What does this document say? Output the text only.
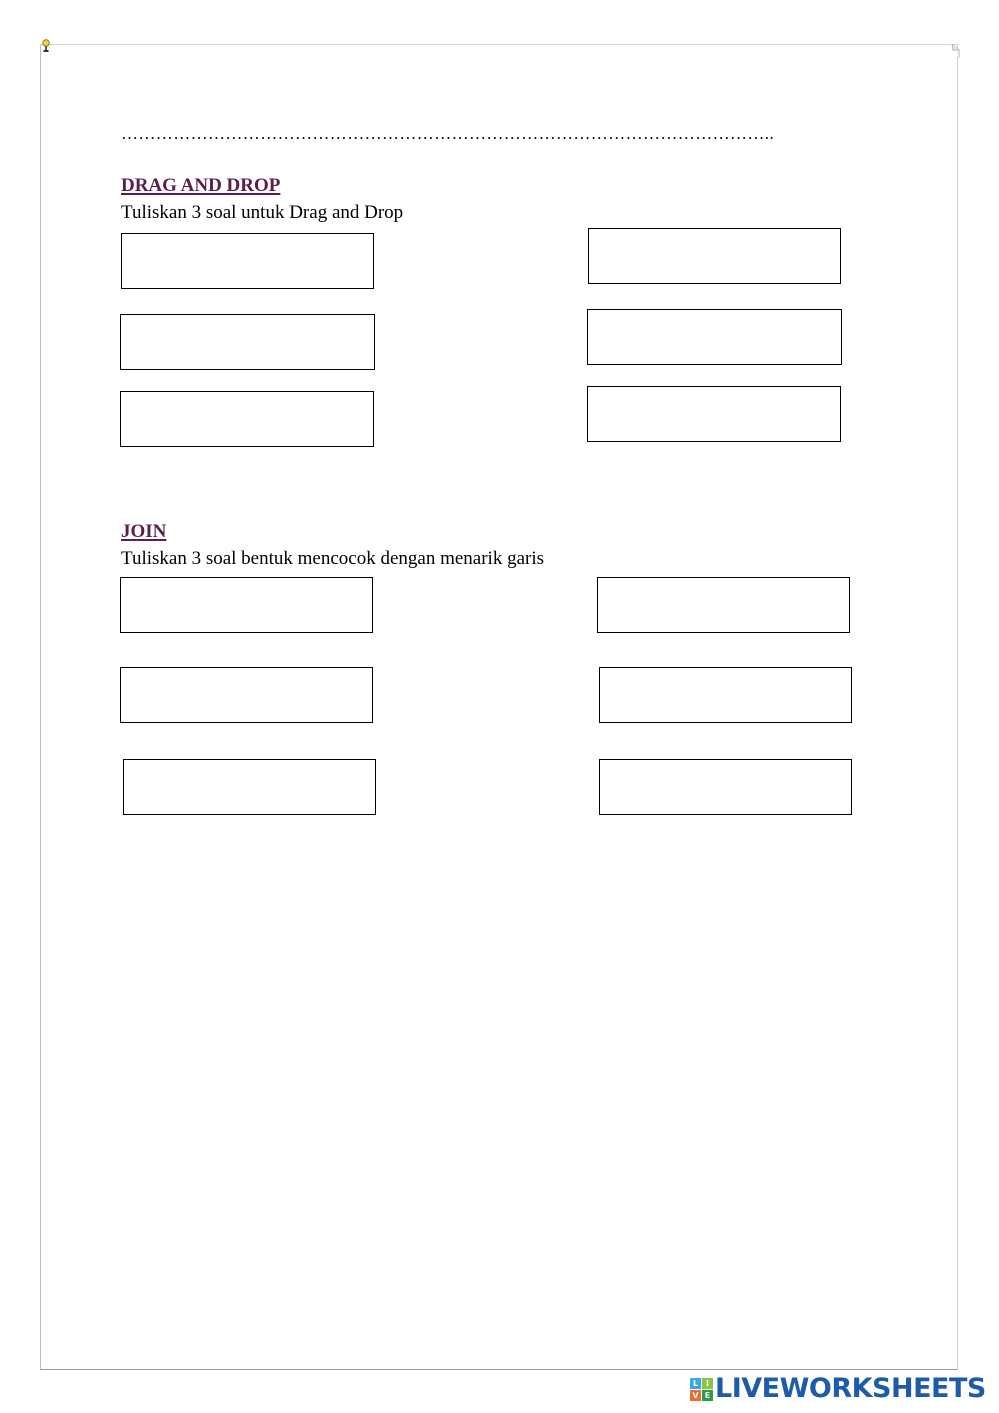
…………………………………………………………………………………………………..
DRAG AND DROP
Tuliskan 3 soal untuk Drag and Drop
JOIN
Tuliskan 3 soal bentuk mencocok dengan menarik garis
L I
V E LIVEWORKSHEETS
